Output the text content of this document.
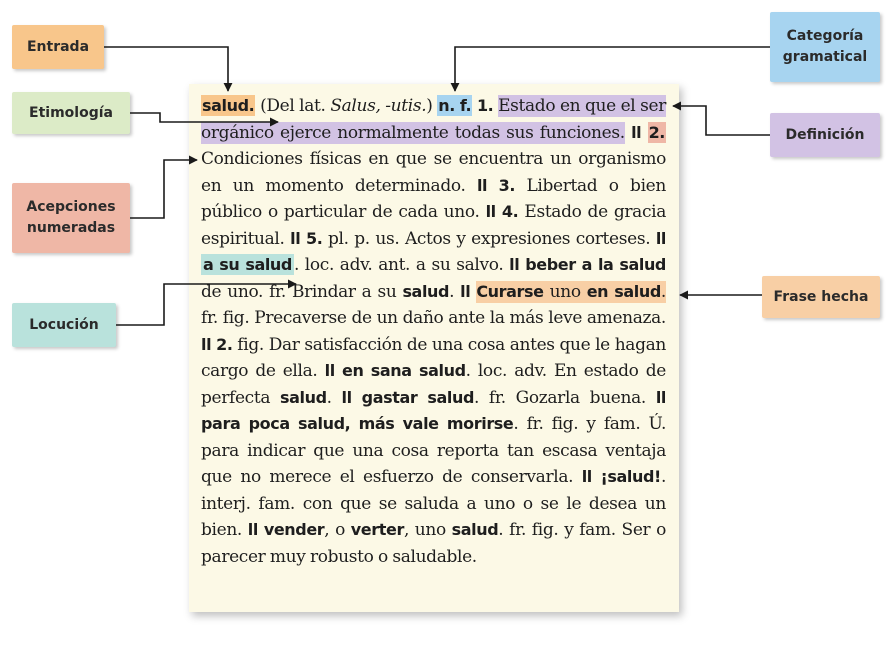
Entrada
Etimología
Acepciones numeradas
Locución
Categoría gramatical
Definición
Frase hecha
salud. (Del lat. Salus, -utis.) n. f. 1. Estado en que el ser orgánico ejerce normalmente todas sus funciones. ll 2. Condiciones físicas en que se encuentra un organismo en un momento determinado. ll 3. Libertad o bien público o particular de cada uno. ll 4. Estado de gracia espiritual. ll 5. pl. p. us. Actos y expresiones corteses. ll a su salud . loc. adv. ant. a su salvo. ll beber a la salud de uno. fr. Brindar a su salud. ll Curarse uno en salud. fr. fig. Precaverse de un daño ante la más leve amenaza. ll 2. fig. Dar satisfacción de una cosa antes que le hagan cargo de ella. ll en sana salud. loc. adv. En estado de perfecta salud. ll gastar salud. fr. Gozarla buena. ll para poca salud, más vale morirse. fr. fig. y fam. Ú. para indicar que una cosa reporta tan escasa ventaja que no merece el esfuerzo de conservarla. ll ¡salud!. interj. fam. con que se saluda a uno o se le desea un bien. ll vender, o verter, uno salud. fr. fig. y fam. Ser o parecer muy robusto o saludable.
